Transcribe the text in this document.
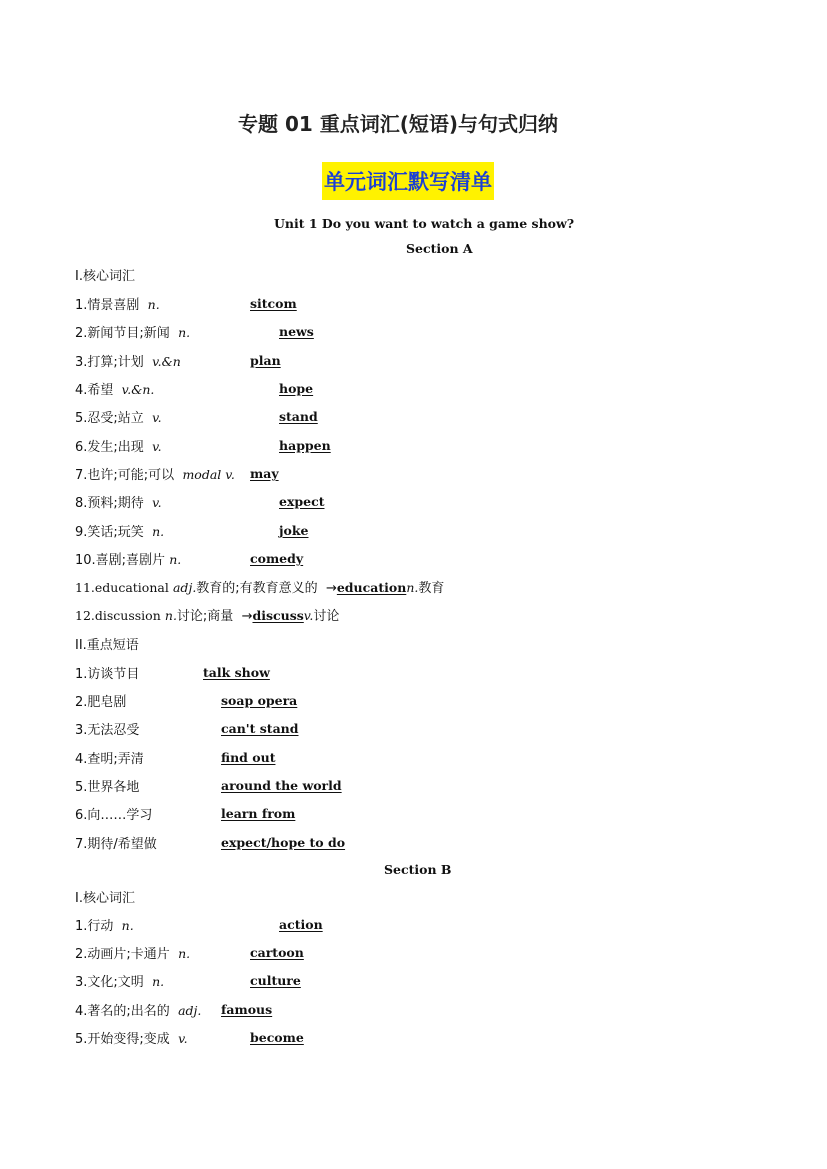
专题 01 重点词汇(短语)与句式归纳
单元词汇默写清单
Unit 1 Do you want to watch a game show?
Section A
I.核心词汇
1.情景喜剧 n.	sitcom
2.新闻节目;新闻 n.	news
3.打算;计划 v.&n	plan
4.希望 v.&n.	hope
5.忍受;站立 v.	stand
6.发生;出现 v.	happen
7.也许;可能;可以 modal v. may
8.预料;期待 v.	expect
9.笑话;玩笑 n.	joke
10.喜剧;喜剧片 n.	comedy
11.educational adj.教育的;有教育意义的 →educationn.教育
12.discussion n.讨论;商量 →discussv.讨论
II.重点短语
1.访谈节目	talk show
2.肥皂剧	soap opera
3.无法忍受	can't stand
4.查明;弄清	find out
5.世界各地	around the world
6.向……学习	learn from
7.期待/希望做	expect/hope to do
Section B
I.核心词汇
1.行动 n.	action
2.动画片;卡通片 n.	cartoon
3.文化;文明 n.	culture
4.著名的;出名的 adj. famous
5.开始变得;变成 v.	become
